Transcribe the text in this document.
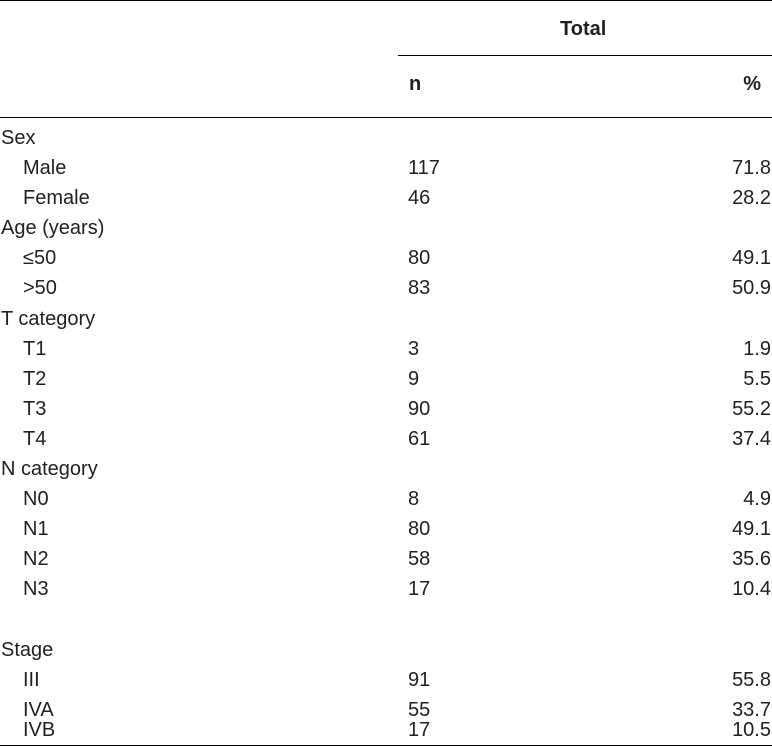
Total
n	%
Sex
Male	117	71.8
Female	46	28.2
Age (years)
≤50	80	49.1
>50	83	50.9
T category
T1	3	1.9
T2	9	5.5
T3	90	55.2
T4	61	37.4
N category
N0	8	4.9
N1	80	49.1
N2	58	35.6
N3	17	10.4
Stage
III	91	55.8
IVA	55	33.7
IVB	17	10.5
